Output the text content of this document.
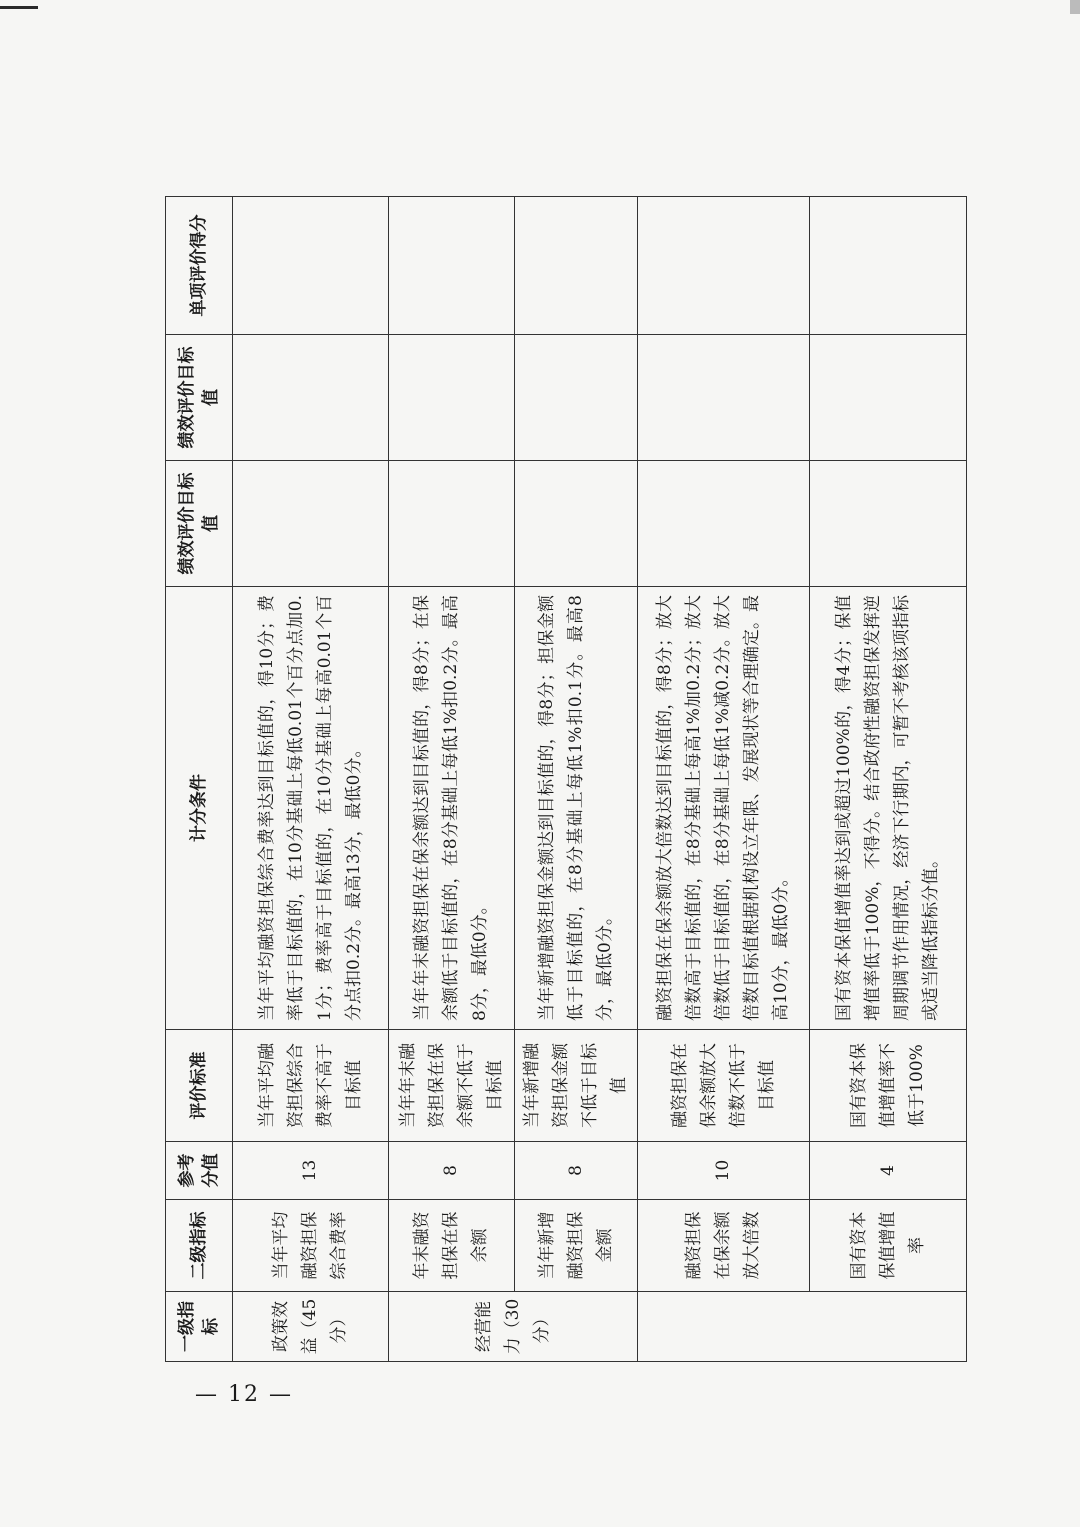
一级指标	二级指标	参考分值	评价标准	计分条件	绩效评价目标值	绩效评价目标值	单项评价得分
政策效益（45分）	当年平均融资担保综合费率	13	当年平均融资担保综合费率不高于目标值	当年平均融资担保综合费率达到目标值的，得10分；费率低于目标值的，在10分基础上每低0.01个百分点加0.1分；费率高于目标值的，在10分基础上每高0.01个百分点扣0.2分。最高13分，最低0分。			
经营能力（30分）	年末融资担保在保余额	8	当年年末融资担保在保余额不低于目标值	当年年末融资担保在保余额达到目标值的，得8分；在保余额低于目标值的，在8分基础上每低1%扣0.2分。最高8分，最低0分。			
	当年新增融资担保金额	8	当年新增融资担保金额不低于目标值	当年新增融资担保金额达到目标值的，得8分；担保金额低于目标值的，在8分基础上每低1%扣0.1分。最高8分，最低0分。			
	融资担保在保余额放大倍数	10	融资担保在保余额放大倍数不低于目标值	融资担保在保余额放大倍数达到目标值的，得8分；放大倍数高于目标值的，在8分基础上每高1%加0.2分；放大倍数低于目标值的，在8分基础上每低1%减0.2分。放大倍数目标值根据机构设立年限、发展现状等合理确定。最高10分，最低0分。			
	国有资本保值增值率	4	国有资本保值增值率不低于100%	国有资本保值增值率达到或超过100%的，得4分；保值增值率低于100%，不得分。结合政府性融资担保发挥逆周期调节作用情况，经济下行期内，可暂不考核该项指标或适当降低指标分值。			
— 12 —
